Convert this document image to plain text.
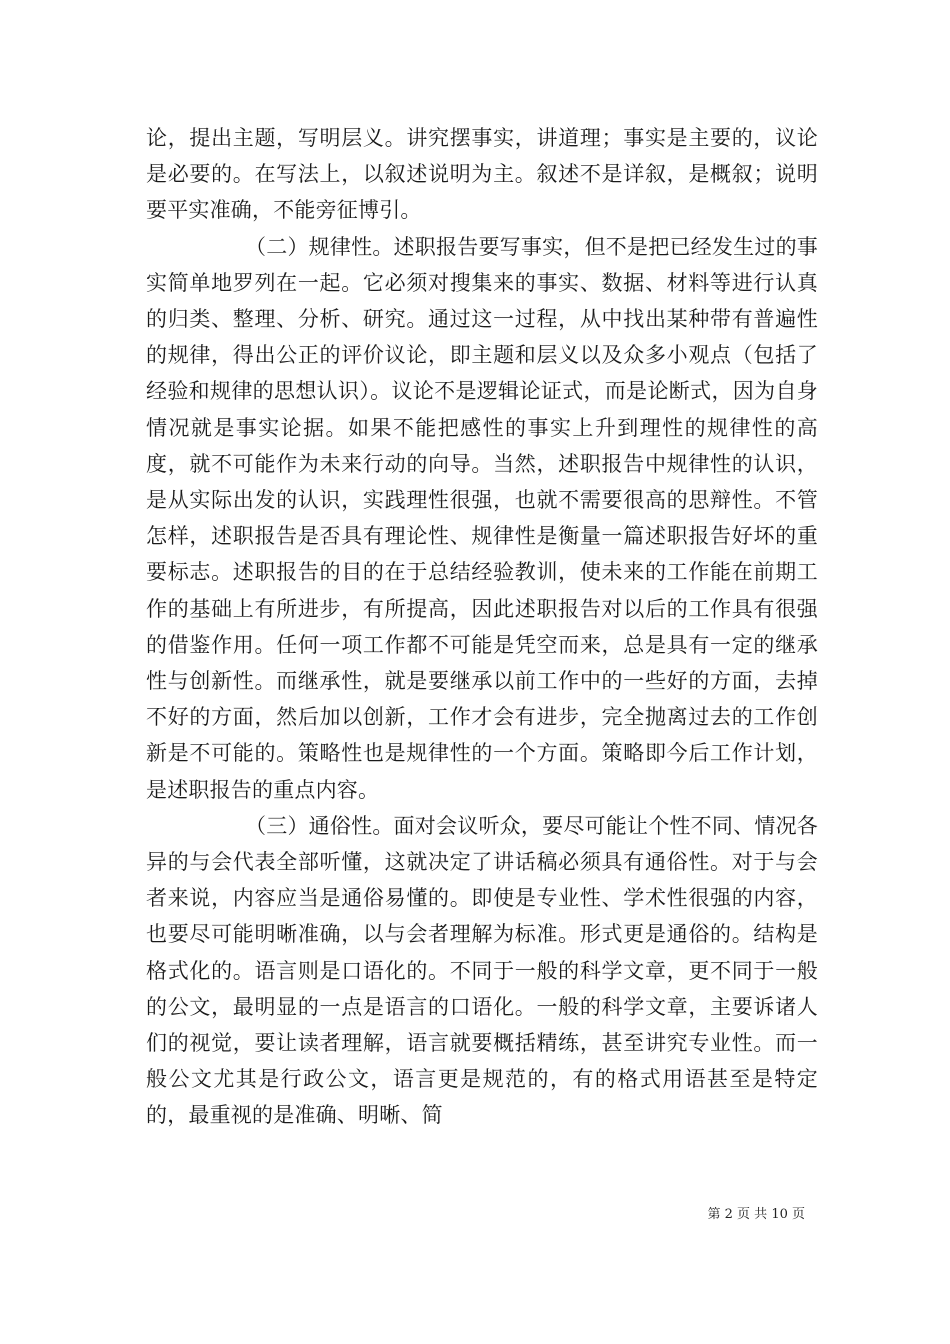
论，提出主题，写明层义。讲究摆事实，讲道理；事实是主要的，议论是必要的。在写法上，以叙述说明为主。叙述不是详叙，是概叙；说明要平实准确，不能旁征博引。

（二）规律性。述职报告要写事实，但不是把已经发生过的事实简单地罗列在一起。它必须对搜集来的事实、数据、材料等进行认真的归类、整理、分析、研究。通过这一过程，从中找出某种带有普遍性的规律，得出公正的评价议论，即主题和层义以及众多小观点（包括了经验和规律的思想认识）。议论不是逻辑论证式，而是论断式，因为自身情况就是事实论据。如果不能把感性的事实上升到理性的规律性的高度，就不可能作为未来行动的向导。当然，述职报告中规律性的认识，是从实际出发的认识，实践理性很强，也就不需要很高的思辩性。不管怎样，述职报告是否具有理论性、规律性是衡量一篇述职报告好坏的重要标志。述职报告的目的在于总结经验教训，使未来的工作能在前期工作的基础上有所进步，有所提高，因此述职报告对以后的工作具有很强的借鉴作用。任何一项工作都不可能是凭空而来，总是具有一定的继承性与创新性。而继承性，就是要继承以前工作中的一些好的方面，去掉不好的方面，然后加以创新，工作才会有进步，完全抛离过去的工作创新是不可能的。策略性也是规律性的一个方面。策略即今后工作计划，是述职报告的重点内容。

（三）通俗性。面对会议听众，要尽可能让个性不同、情况各异的与会代表全部听懂，这就决定了讲话稿必须具有通俗性。对于与会者来说，内容应当是通俗易懂的。即使是专业性、学术性很强的内容，也要尽可能明晰准确，以与会者理解为标准。形式更是通俗的。结构是格式化的。语言则是口语化的。不同于一般的科学文章，更不同于一般的公文，最明显的一点是语言的口语化。一般的科学文章，主要诉诸人们的视觉，要让读者理解，语言就要概括精练，甚至讲究专业性。而一般公文尤其是行政公文，语言更是规范的，有的格式用语甚至是特定的，最重视的是准确、明晰、简

第 2 页 共 10 页
